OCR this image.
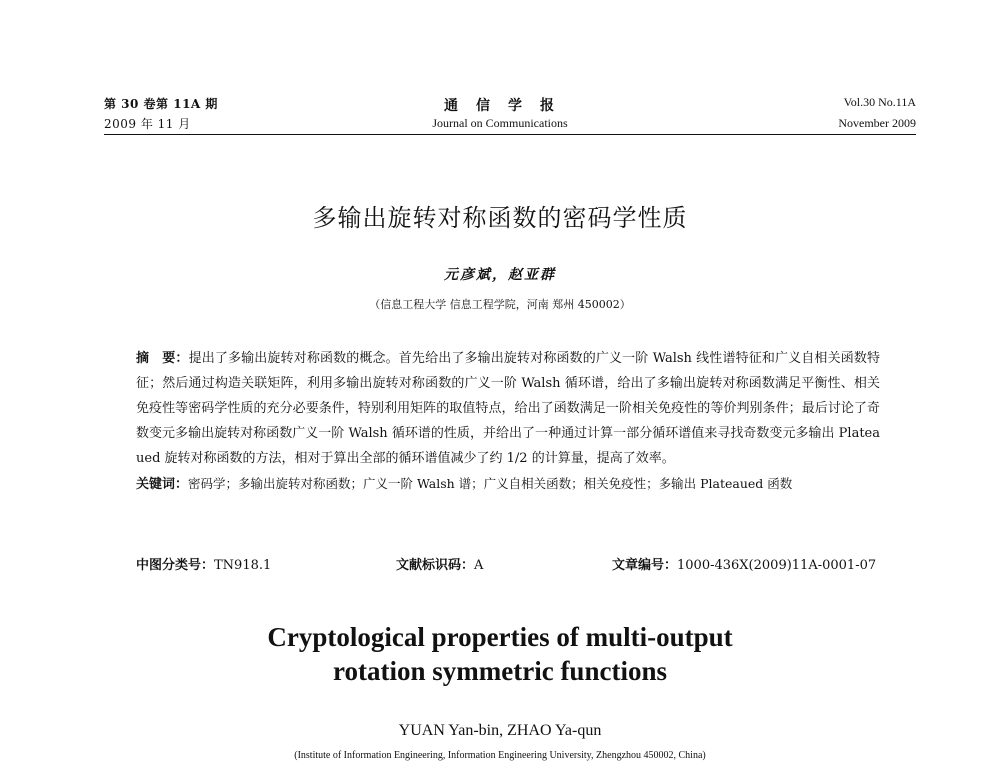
第 30 卷第 11A 期
2009 年 11 月
通　信　学　报
Journal on Communications
Vol.30 No.11A
November 2009
多输出旋转对称函数的密码学性质
元彦斌，赵亚群
（信息工程大学 信息工程学院，河南 郑州 450002）

摘　要：提出了多输出旋转对称函数的概念。首先给出了多输出旋转对称函数的广义一阶 Walsh 线性谱特征和广义自相关函数特征；然后通过构造关联矩阵，利用多输出旋转对称函数的广义一阶 Walsh 循环谱，给出了多输出旋转对称函数满足平衡性、相关免疫性等密码学性质的充分必要条件，特别利用矩阵的取值特点，给出了函数满足一阶相关免疫性的等价判别条件；最后讨论了奇数变元多输出旋转对称函数广义一阶 Walsh 循环谱的性质，并给出了一种通过计算一部分循环谱值来寻找奇数变元多输出 Plateaued 旋转对称函数的方法，相对于算出全部的循环谱值减少了约 1/2 的计算量，提高了效率。

关键词：密码学；多输出旋转对称函数；广义一阶 Walsh 谱；广义自相关函数；相关免疫性；多输出 Plateaued 函数

中图分类号：TN918.1	文献标识码：A	文章编号：1000-436X(2009)11A-0001-07
Cryptological properties of multi-output
rotation symmetric functions
YUAN Yan-bin, ZHAO Ya-qun
(Institute of Information Engineering, Information Engineering University, Zhengzhou 450002, China)
